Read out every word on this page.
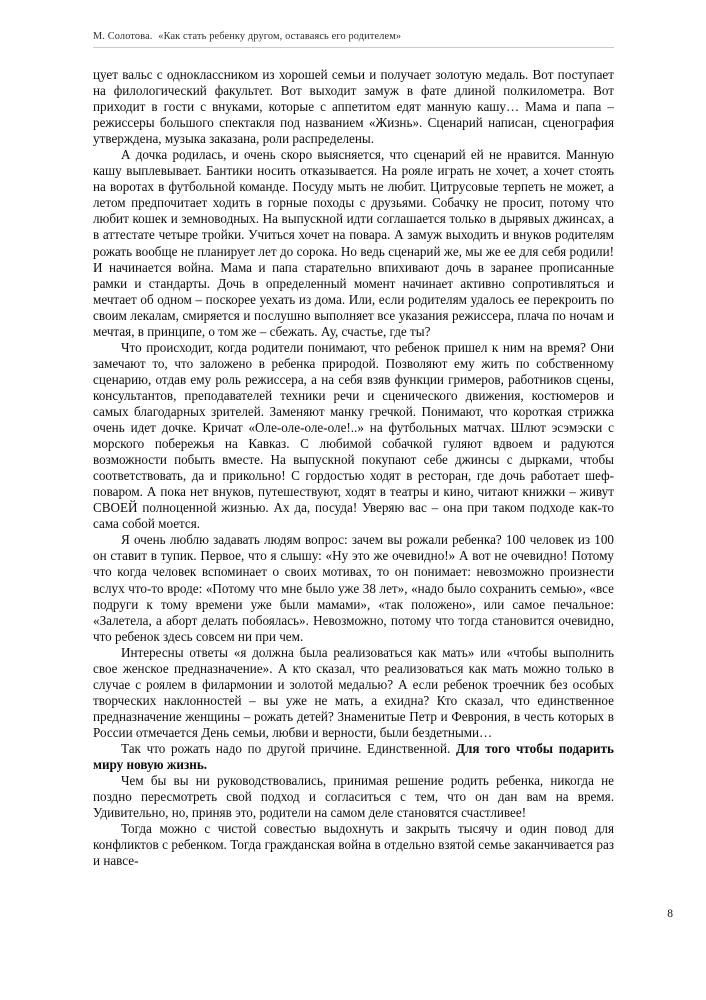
М. Солотова. «Как стать ребенку другом, оставаясь его родителем»

цует вальс с одноклассником из хорошей семьи и получает золотую медаль. Вот поступает на филологический факультет. Вот выходит замуж в фате длиной полкилометра. Вот приходит в гости с внуками, которые с аппетитом едят манную кашу… Мама и папа – режиссеры большого спектакля под названием «Жизнь». Сценарий написан, сценография утверждена, музыка заказана, роли распределены.

А дочка родилась, и очень скоро выясняется, что сценарий ей не нравится. Манную кашу выплевывает. Бантики носить отказывается. На рояле играть не хочет, а хочет стоять на воротах в футбольной команде. Посуду мыть не любит. Цитрусовые терпеть не может, а летом предпочитает ходить в горные походы с друзьями. Собачку не просит, потому что любит кошек и земноводных. На выпускной идти соглашается только в дырявых джинсах, а в аттестате четыре тройки. Учиться хочет на повара. А замуж выходить и внуков родителям рожать вообще не планирует лет до сорока. Но ведь сценарий же, мы же ее для себя родили! И начинается война. Мама и папа старательно впихивают дочь в заранее прописанные рамки и стандарты. Дочь в определенный момент начинает активно сопротивляться и мечтает об одном – поскорее уехать из дома. Или, если родителям удалось ее перекроить по своим лекалам, смиряется и послушно выполняет все указания режиссера, плача по ночам и мечтая, в принципе, о том же – сбежать. Ау, счастье, где ты?

Что происходит, когда родители понимают, что ребенок пришел к ним на время? Они замечают то, что заложено в ребенка природой. Позволяют ему жить по собственному сценарию, отдав ему роль режиссера, а на себя взяв функции гримеров, работников сцены, консультантов, преподавателей техники речи и сценического движения, костюмеров и самых благодарных зрителей. Заменяют манку гречкой. Понимают, что короткая стрижка очень идет дочке. Кричат «Оле-оле-оле-оле!..» на футбольных матчах. Шлют эсэмэски с морского побережья на Кавказ. С любимой собачкой гуляют вдвоем и радуются возможности побыть вместе. На выпускной покупают себе джинсы с дырками, чтобы соответствовать, да и прикольно! С гордостью ходят в ресторан, где дочь работает шеф-поваром. А пока нет внуков, путешествуют, ходят в театры и кино, читают книжки – живут СВОЕЙ полноценной жизнью. Ах да, посуда! Уверяю вас – она при таком подходе как-то сама собой моется.

Я очень люблю задавать людям вопрос: зачем вы рожали ребенка? 100 человек из 100 он ставит в тупик. Первое, что я слышу: «Ну это же очевидно!» А вот не очевидно! Потому что когда человек вспоминает о своих мотивах, то он понимает: невозможно произнести вслух что-то вроде: «Потому что мне было уже 38 лет», «надо было сохранить семью», «все подруги к тому времени уже были мамами», «так положено», или самое печальное: «Залетела, а аборт делать побоялась». Невозможно, потому что тогда становится очевидно, что ребенок здесь совсем ни при чем.

Интересны ответы «я должна была реализоваться как мать» или «чтобы выполнить свое женское предназначение». А кто сказал, что реализоваться как мать можно только в случае с роялем в филармонии и золотой медалью? А если ребенок троечник без особых творческих наклонностей – вы уже не мать, а ехидна? Кто сказал, что единственное предназначение женщины – рожать детей? Знаменитые Петр и Феврония, в честь которых в России отмечается День семьи, любви и верности, были бездетными…

Так что рожать надо по другой причине. Единственной. Для того чтобы подарить миру новую жизнь.

Чем бы вы ни руководствовались, принимая решение родить ребенка, никогда не поздно пересмотреть свой подход и согласиться с тем, что он дан вам на время. Удивительно, но, приняв это, родители на самом деле становятся счастливее!

Тогда можно с чистой совестью выдохнуть и закрыть тысячу и один повод для конфликтов с ребенком. Тогда гражданская война в отдельно взятой семье заканчивается раз и навсе-

8
